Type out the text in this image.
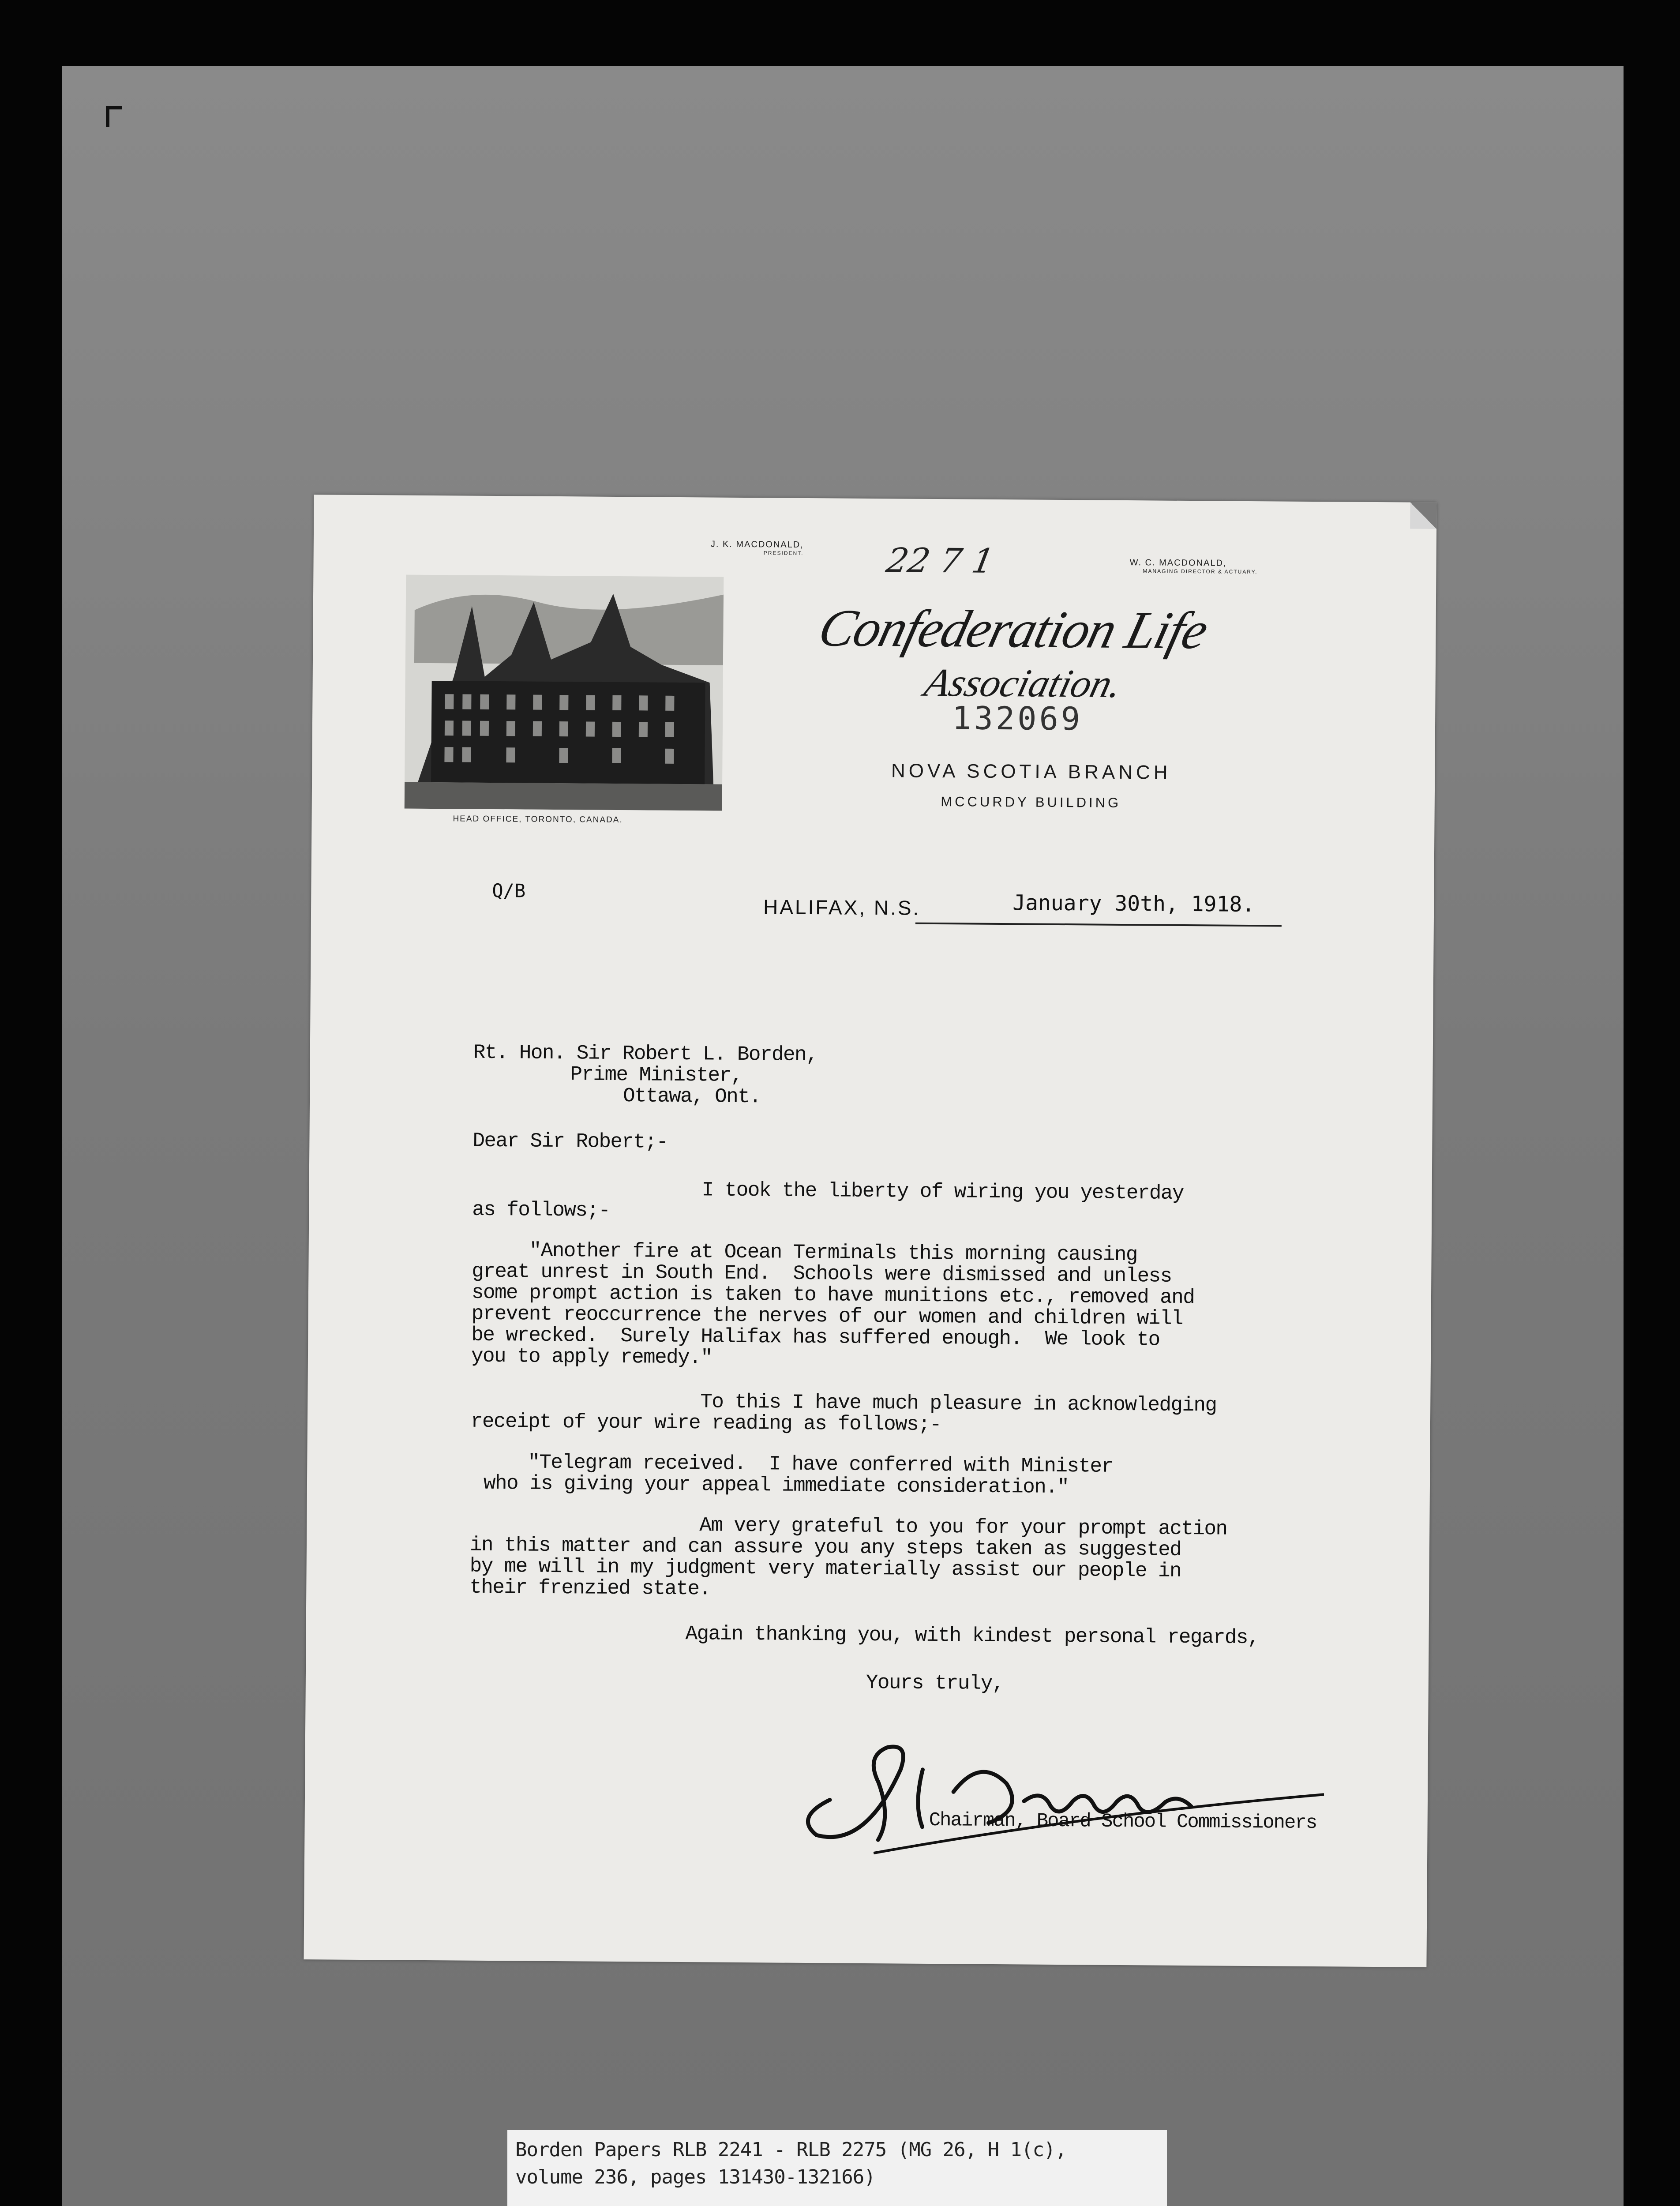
J. K. MACDONALD,
PRESIDENT. 22 7 1	W. C. MACDONALD,
MANAGING DIRECTOR & ACTUARY.
HEAD OFFICE, TORONTO, CANADA.
Confederation Life
Association.
132069
NOVA SCOTIA BRANCH
MCCURDY BUILDING
Q/B
HALIFAX, N.S.	January 30th, 1918.
Rt. Hon. Sir Robert L. Borden,
Prime Minister,
Ottawa, Ont.
Dear Sir Robert;-
I took the liberty of wiring you yesterday
as follows;-
"Another fire at Ocean Terminals this morning causing
great unrest in South End.  Schools were dismissed and unless
some prompt action is taken to have munitions etc., removed and
prevent reoccurrence the nerves of our women and children will
be wrecked.  Surely Halifax has suffered enough.  We look to
you to apply remedy."
To this I have much pleasure in acknowledging
receipt of your wire reading as follows;-
"Telegram received.  I have conferred with Minister
who is giving your appeal immediate consideration."
Am very grateful to you for your prompt action
in this matter and can assure you any steps taken as suggested
by me will in my judgment very materially assist our people in
their frenzied state.
Again thanking you, with kindest personal regards,
Yours truly,
Chairman, Board School Commissioners
Borden Papers RLB 2241 - RLB 2275 (MG 26, H 1(c),
volume 236, pages 131430-132166)
